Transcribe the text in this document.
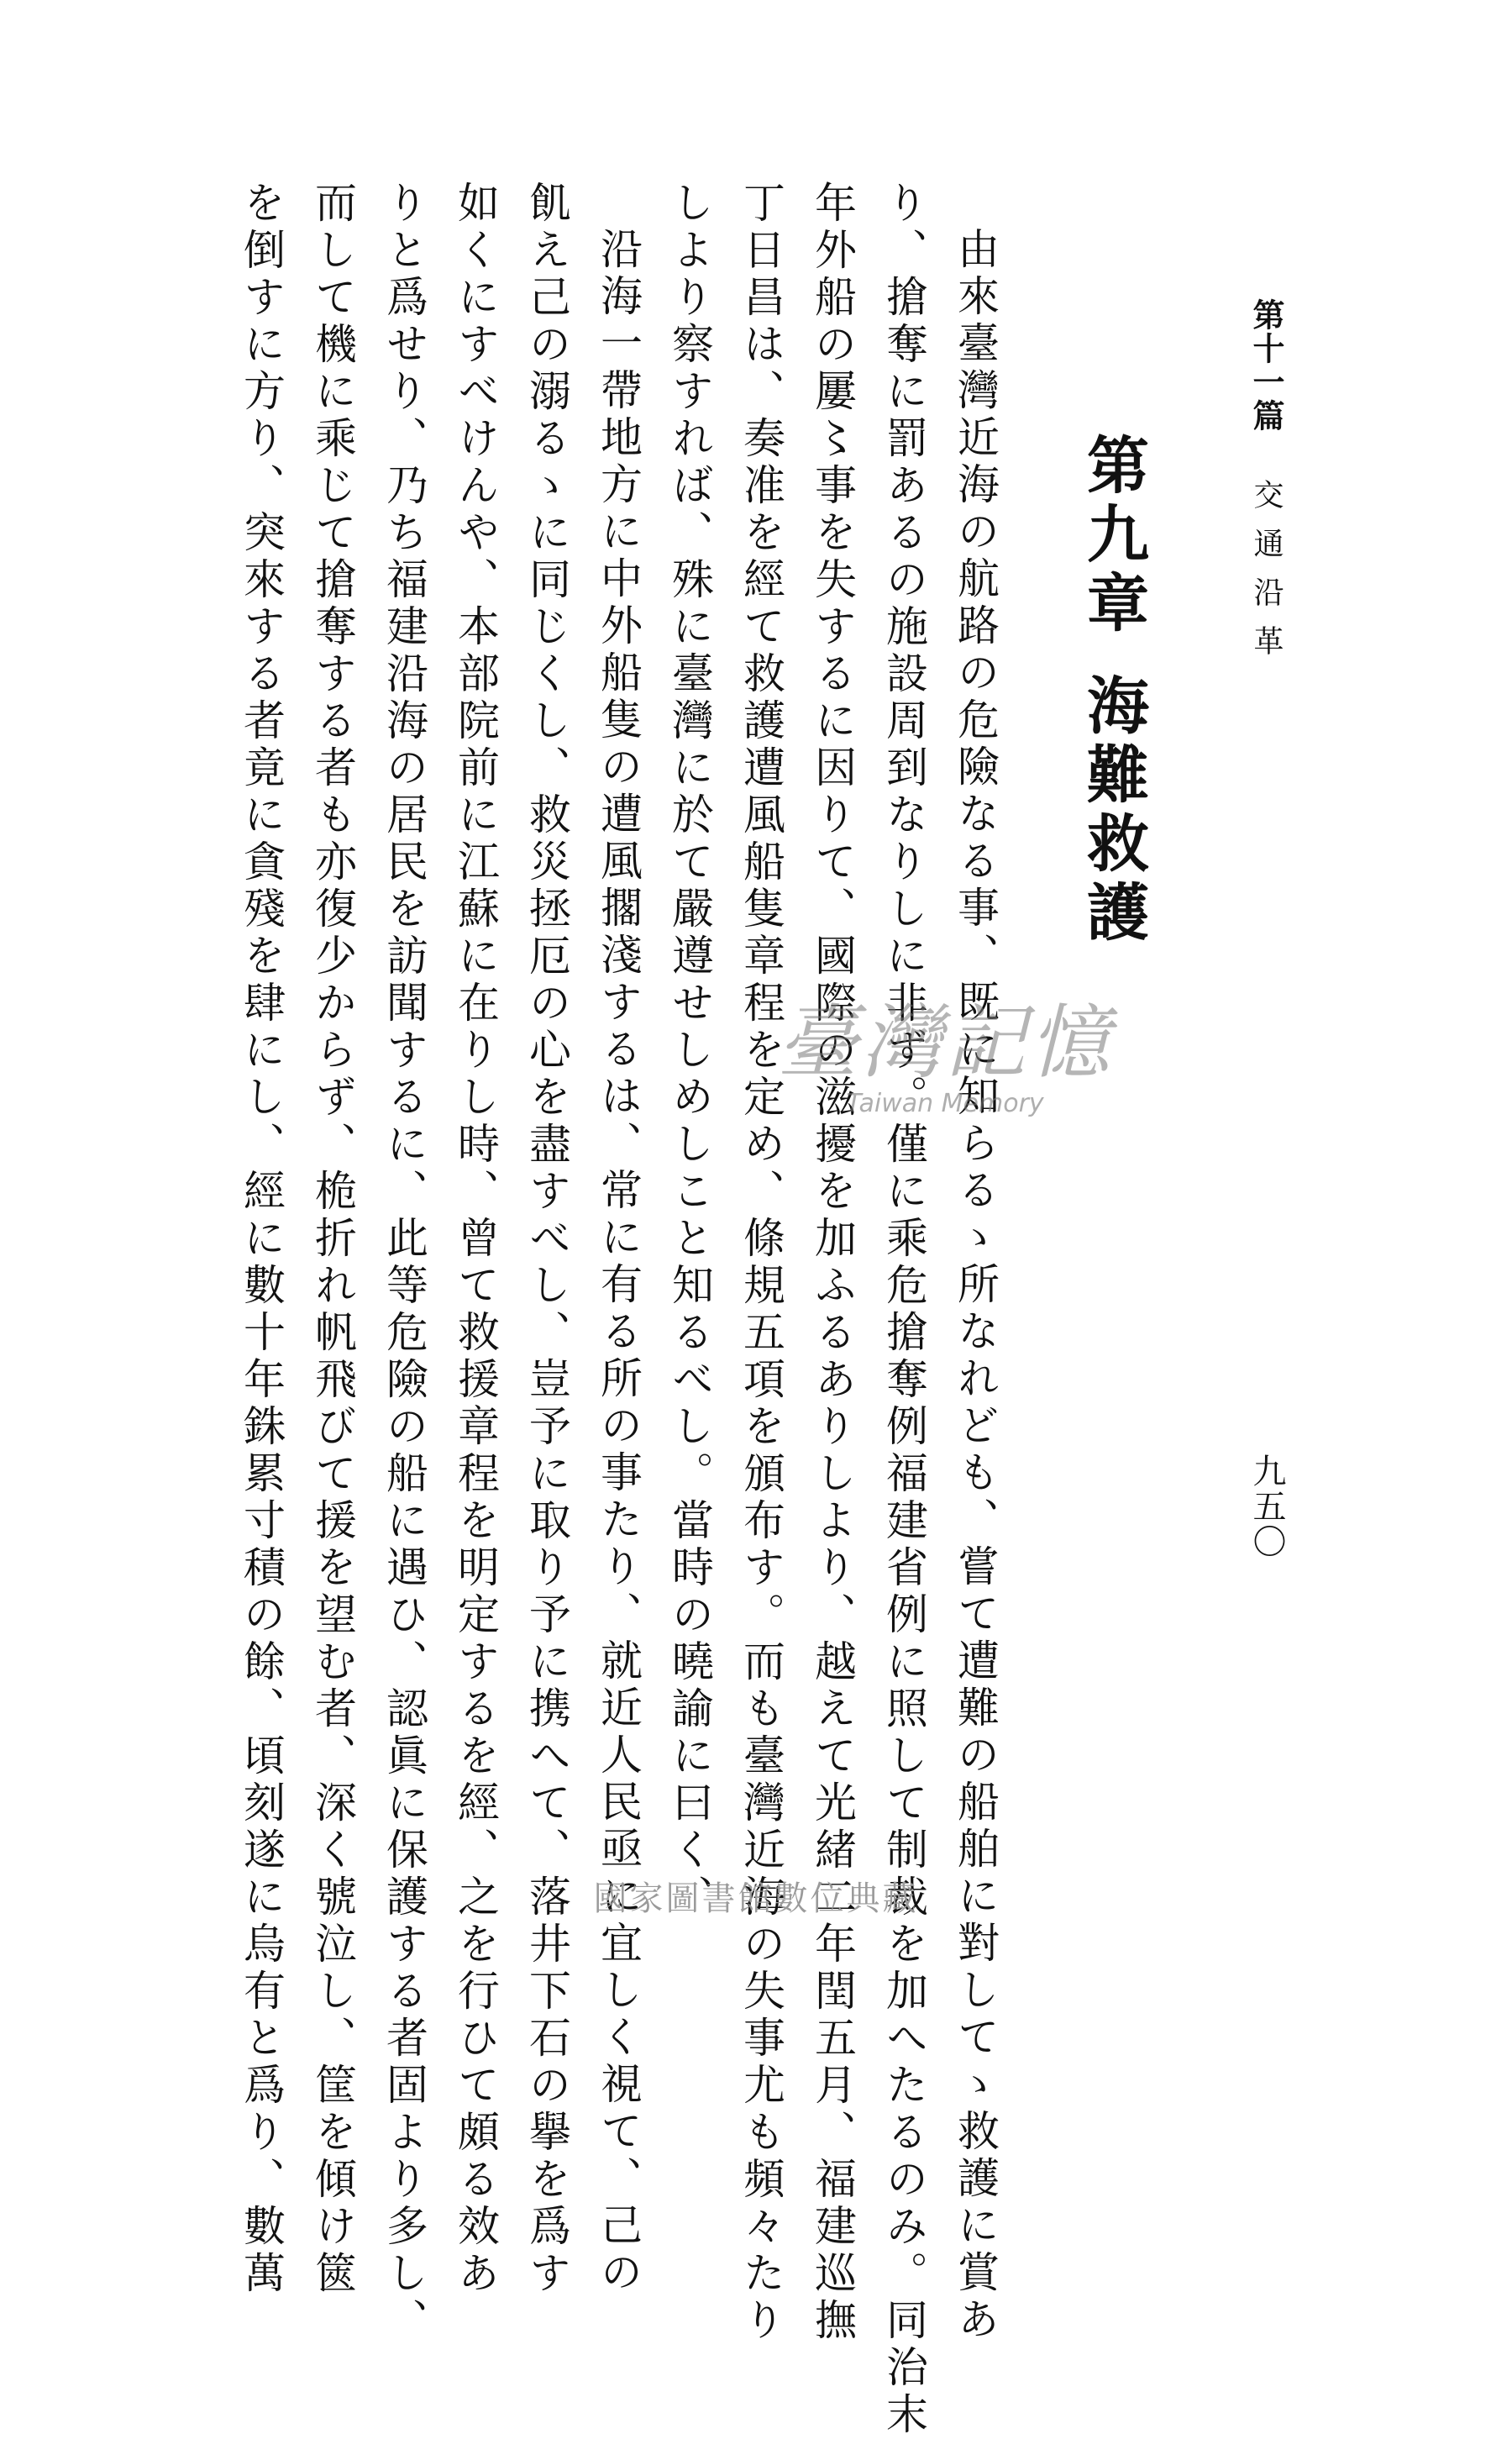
第十一篇
交通沿革
九五〇
第九章海難救護
由來臺灣近海の航路の危險なる事、既に知らるゝ所なれども、嘗て遭難の船舶に對してゝ救護に賞あ
り、搶奪に罰あるの施設周到なりしに非ず。僅に乘危搶奪例福建省例に照して制裁を加へたるのみ。同治末
年外船の屢〻事を失するに因りて、國際の滋擾を加ふるありしより、越えて光緒二年閏五月、福建巡撫
丁日昌は、奏准を經て救護遭風船隻章程を定め、條規五項を頒布す。而も臺灣近海の失事尤も頻々たり
しより察すれば、殊に臺灣に於て嚴遵せしめしこと知るべし。當時の曉諭に曰く、
沿海一帶地方に中外船隻の遭風擱淺するは、常に有る所の事たり、就近人民亟に宜しく視て、己の
飢え己の溺るゝに同じくし、救災拯厄の心を盡すべし、豈予に取り予に携へて、落井下石の擧を爲す
如くにすべけんや、本部院前に江蘇に在りし時、曾て救援章程を明定するを經、之を行ひて頗る效あ
りと爲せり、乃ち福建沿海の居民を訪聞するに、此等危險の船に遇ひ、認眞に保護する者固より多し、
而して機に乘じて搶奪する者も亦復少からず、桅折れ帆飛びて援を望む者、深く號泣し、筐を傾け篋
を倒すに方り、突來する者竟に貪殘を肆にし、經に數十年銖累寸積の餘、頃刻遂に烏有と爲り、數萬	臺灣記憶
Taiwan Memory
國家圖書館數位典藏
